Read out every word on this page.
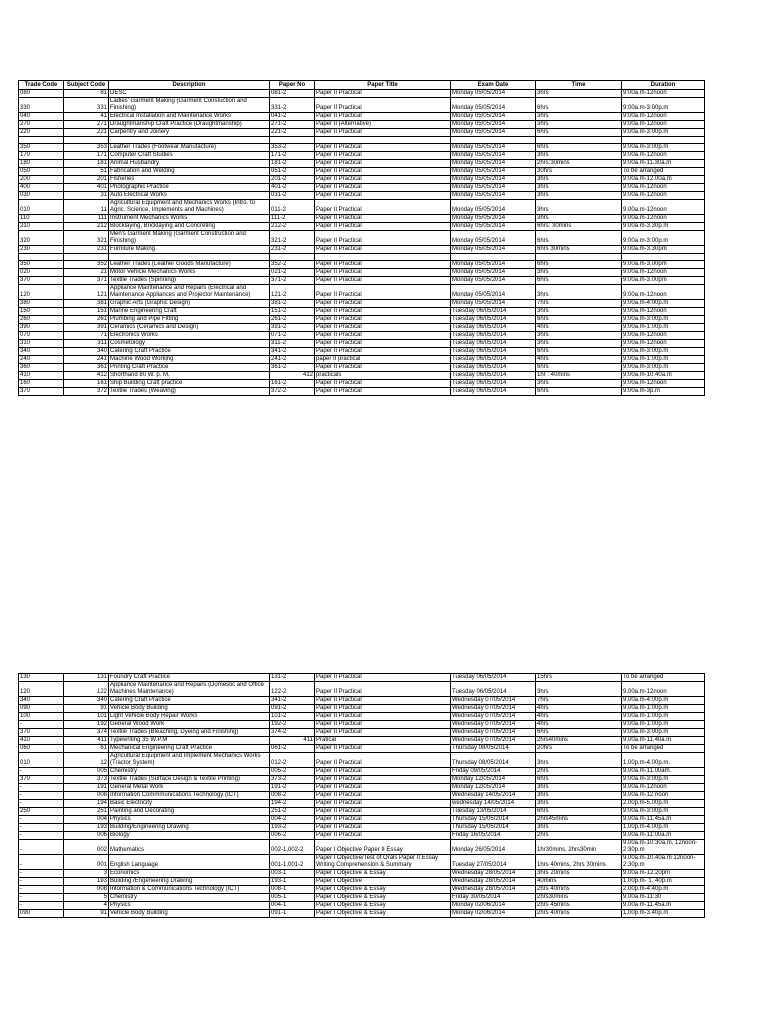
Trade Code	Subject Code	Description	Paper No	Paper Title	Exam Date	Time	Duration
080	81	DESC	081-2	Paper II Practical	Monday 05/05/2014	3hrs	9:00a.m-12noon
330	331	Ladies' Garment Making (Garment Constuction and Finishing)	331-2	Paper II Practical	Monday 05/05/2014	6hrs	9:00a.m-3:00p.m
040	41	Electrical Installation and Maintenance Works	041-2	Paper II Practical	Monday 05/05/2014	3hrs	9:00a.m-12noon
270	271	Draughtmanship Craft Practice (Draughtmanship)	271-2	Paper II (Alternative)	Monday 05/05/2014	3hrs	9:00a.m-12noon
220	221	Carpentry and Joinery	221-2	Paper II Practical	Monday 05/05/2014	6hrs	9:00a.m-3:00p.m

350	353	Leather Trades (Footwear Manufacture)	353-2	Paper II Practical	Monday 05/05/2014	6hrs	9:00a.m-3:00p.m
170	171	Computer Craft Studies	171-2	Paper II Practical	Monday 05/05/2014	3hrs	9:00a.m-12noon
180	181	Animal Husbandry	181-2	Paper II Practical	Monday 05/05/2014	2hrs:30mins	9:00a.m-11.30a.m
050	51	Fabrication and Welding	051-2	Paper II Practical	Monday 05/05/2014	30hrs	To be arranged
200	201	Fisheries	201-2	Paper II Practical	Monday 05/05/2014	3hrs	9:00a.m-12.00a.m
400	401	Photographic Practice	401-2	Paper II Practical	Monday 05/05/2014	3hrs	9:00a.m-12noon
030	31	Auto Electrical Works	031-2	Paper II Practical	Monday 05/05/2014	3hrs	9:00a.m-12noon
010	11	Agricultural Equipment and Mechanics Works (Intro. to Agric. Science, Implements and Machines)	011-2	Paper II Practical	Monday 05/05/2014	3hrs	9.00a.m-12noon
110	111	Instrument Mechanics Works	111-2	Paper II Practical	Monday 05/05/2014	3hrs	9:00a.m-12noon
210	212	Blocklaying, Bricklaying and Concreting	212-2	Paper II Practical	Monday 05/05/2014	6hrs: 30mins	9:00a.m-3.30p.m
320	321	Men's Garment Making (Garment Construction and Finishing)	321-2	Paper II Practical	Monday 05/05/2014	6hrs	9:00a.m-3:00p.m
230	231	Furniture Making	231-2	Paper II Practical	Monday 05/05/2014	6hrs 30mins	9:00a.m-3.30pm

350	352	Leather Trades (Leather Goods Manufacture)	352-2	Paper II Practical	Monday 05/05/2014	6hrs	9:00a.m-3.00pm
020	21	Motor Vehicle Mechanics Works	021-2	Paper II Practical	Monday 05/05/2014	3hrs	9:00a.m-12noon
370	371	Textile Trades (Spinning)	371-2	Paper II Practical	Monday 05/05/2014	6hrs	9:00a.m-3.00pm
120	121	Appliance Maintenance and Repairs (Electrical and Maintenance Appliances and Projector Maintenance)	121-2	Paper II Practical	Monday 05/05/2014	3hrs	9:00a.m-12noon
380	381	Graphic Arts (Graphic Design)	381-2	Paper II Practical	Monday 05/05/2014	7hrs	9:00a.m-4:00p.m
150	151	Marine Engineering Craft	151-2	Paper II Practical	Tuesday 06/05/2014	3hrs	9:00a.m-12noon
260	261	Plumbing and Pipe Fitting	261-2	Paper II Practical	Tuesday 06/05/2014	6hrs	9:00a.m-3:00p.m
390	391	Ceramics (Ceramics and Design)	391-2	Paper II Practical	Tuesday 06/05/2014	4hrs	9:00a.m-1:00p.m
070	71	Electronics Works	071-2	Paper II Practical	Tuesday 06/05/2014	3hrs	9:00a.m-12noon
310	311	Cosmetology	311-2	Paper II Practical	Tuesday 06/05/2014	3hrs	9:00a.m-12noon
340	340	Catering Craft Practice	341-2	Paper II Practical	Tuesday 06/05/2014	6hrs	9:00a.m-3:00p.m
240	241	Machine Wood Working	241-2	paper II practical	Tuesday 06/05/2014	4hrs	9:00a.m-1:00p.m
360	361	Printing Craft Practice	361-2	Paper II Practical	Tuesday 06/05/2014	6hrs	9:00a.m-3:00p.m
410	412	Shorthand 80 W. p. M.	412	practicals	Tuesday 06/05/2014	1hr : 40mins	9:00a.m-10.40a.m
160	161	Ship Building Craft practice	161-2	Paper II Practical	Tuesday 06/05/2014	3hrs	9:00a.m-12noon
370	372	Textile Trades (Weaving)	372-2	Paper II Practical	Tuesday 06/05/2014	6hrs	9:00a.m-3p.m
130	131	Foundry Craft Practice	131-2	Paper II Practical	Tuesday 06/05/2014	15hrs	To be arranged
120	122	Appliance Maintenance and Repairs (Domestic and Office Machines Maintenance)	122-2	Paper II Practical	Tuesday 06/05/2014	3hrs	9.00a.m-12noon
340	340	Catering Craft Practice	341-2	Paper II Practical	Wednesday 07/05/2014	7hrs	9.00a.m-4:00p.m
090	91	Vehicle Body Building	091-2	Paper II Practical	Wednesday 07/05/2014	4hrs	9.00a.m-1:00p.m
100	101	Light Vehicle Body Repair Works	101-2	Paper II Practical	Wednesday 07/05/2014	4hrs	9:00a.m-1:00p.m
-	192	General Wood Work	192-2	Paper II Practical	Wednesday 07/05/2014	4hrs	9:00a.m-1:00p.m
370	374	Textile Trades (Bleaching, Dyeing and Finishing)	374-2	Paper II Practical	Wednesday 07/05/2014	6hrs	9:00a.m-3:00p.m
410	411	Typewriting 35 W.P.M	411	Pratical	Wednesday 07/05/2014	2hrs40mins	9.00a.m-11.40a.m
060	61	Mechanical Engineering Craft Practice	061-2	Paper II Practical	Thursday 08/05/2014	20hrs	To be arranged
010	12	Agricultural Equipment and Implement Mechanics Works (Tractor System)	012-2	Paper II Practical	Thursday 08/05/2014	3hrs	1.00p.m-4.00p.m.
-	005	Chemistry	005-2	Paper II Practical	Friday 09/05/2014	2hrs	9.00a.m-11.00am.
370	373	Textile Trades (Surface Design & Textile Printing)	373-2	Paper II Practical	Monday 12/05/2014	6hrs	9:00a.m-3:00p.m
-	191	General Metal Work	191-2	Paper II Practical	Monday 12/05/2014	3hrs	9.00a.m-12noon
-	008	Information Commmunications Technology (ICT)	008-2	Paper II Practical	Wednesday 14/05/2014	3hrs	9.00a.m-12 noon
-	194	Basic Electricity	194-2	Paper II Practical	wednesday 14/05/2014	3hrs	2.00p.m-5.00p.m
250	251	Painting and Decorating	251-2	Paper II Practical	Tuesday 13/05/2014	6hrs	9:00a.m-3:00p.m
-	004	Physics	004-2	Paper II Practical	Thursday 15/05/2014	2hrs45mins	9.00a.m-11.45a.m
-	193	Building/Engineering Drawing	193-2	Paper II Practical	Thursday 15/05/2014	3hrs	1.00p.m-4.00p.m
-	006	Biology	006-2	Paper II Practical	Friday 16/05/2014	2hrs	9.00a.m-11:00a.m
-	002	Mathematics	002-1,002-2	Paper I Objective Paper II Essay	Monday 26/05/2014	1hr30mins, 2hrs30min	9.00a.m-10:30a.m, 12noon-2:30p.m
-	001	English Language	001-1,001-2	Paper I Objective/Test of Orals Paper II Essay Writing Comprehension & Summary	Tuesday 27/05/2014	1hrs 40mins, 2hrs 30mins	9.00a.m-10.40a.m 12noon-2.30p.m
-	3	Economics	003-1	Paper I Objective & Essay	Wednesday 28/05/2014	3hrs 20mins	9.00a.m-12.20pm
-	193	Building /Engeneering Drawing	193-1	Paper I Objective	Wednesday 28/05/2014	40mins	1.00p.m- 1. 40p.m
-	008	Information & Communications Technology (ICT)	008-1	Paper I Objective & Essay	Wednesday 28/05/2014	2hrs 40mins	2.00p.m-4:40p.m
-	5	Chemistry	005-1	Paper I Objective & Essay	Friday 30/05/2014	2hrs30mins	9.00a.m-11:30
-	4	Physics	004-1	Paper I Objective & Essay	Monday 02/06/2014	2hrs 45mins	9.00a.m-11.45a.m
090	91	Vehicle Body Building	091-1	Paper I Objective & Essay	Monday 02/06/2014	2hrs 40mins	1.00p.m-3.40p.m
